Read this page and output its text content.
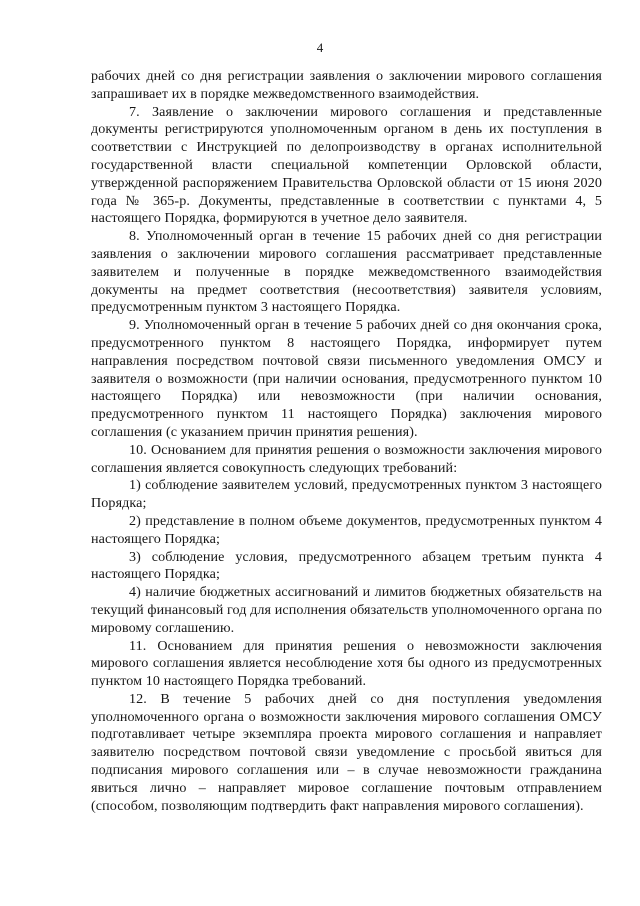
4

рабочих дней со дня регистрации заявления о заключении мирового соглашения запрашивает их в порядке межведомственного взаимодействия.

7. Заявление о заключении мирового соглашения и представленные документы регистрируются уполномоченным органом в день их поступления в соответствии с Инструкцией по делопроизводству в органах исполнительной государственной власти специальной компетенции Орловской области, утвержденной распоряжением Правительства Орловской области от 15 июня 2020 года № 365-р. Документы, представленные в соответствии с пунктами 4, 5 настоящего Порядка, формируются в учетное дело заявителя.

8. Уполномоченный орган в течение 15 рабочих дней со дня регистрации заявления о заключении мирового соглашения рассматривает представленные заявителем и полученные в порядке межведомственного взаимодействия документы на предмет соответствия (несоответствия) заявителя условиям, предусмотренным пунктом 3 настоящего Порядка.

9. Уполномоченный орган в течение 5 рабочих дней со дня окончания срока, предусмотренного пунктом 8 настоящего Порядка, информирует путем направления посредством почтовой связи письменного уведомления ОМСУ и заявителя о возможности (при наличии основания, предусмотренного пунктом 10 настоящего Порядка) или невозможности (при наличии основания, предусмотренного пунктом 11 настоящего Порядка) заключения мирового соглашения (с указанием причин принятия решения).

10. Основанием для принятия решения о возможности заключения мирового соглашения является совокупность следующих требований:

1) соблюдение заявителем условий, предусмотренных пунктом 3 настоящего Порядка;

2) представление в полном объеме документов, предусмотренных пунктом 4 настоящего Порядка;

3) соблюдение условия, предусмотренного абзацем третьим пункта 4 настоящего Порядка;

4) наличие бюджетных ассигнований и лимитов бюджетных обязательств на текущий финансовый год для исполнения обязательств уполномоченного органа по мировому соглашению.

11. Основанием для принятия решения о невозможности заключения мирового соглашения является несоблюдение хотя бы одного из предусмотренных пунктом 10 настоящего Порядка требований.

12. В течение 5 рабочих дней со дня поступления уведомления уполномоченного органа о возможности заключения мирового соглашения ОМСУ подготавливает четыре экземпляра проекта мирового соглашения и направляет заявителю посредством почтовой связи уведомление с просьбой явиться для подписания мирового соглашения или – в случае невозможности гражданина явиться лично – направляет мировое соглашение почтовым отправлением (способом, позволяющим подтвердить факт направления мирового соглашения).
